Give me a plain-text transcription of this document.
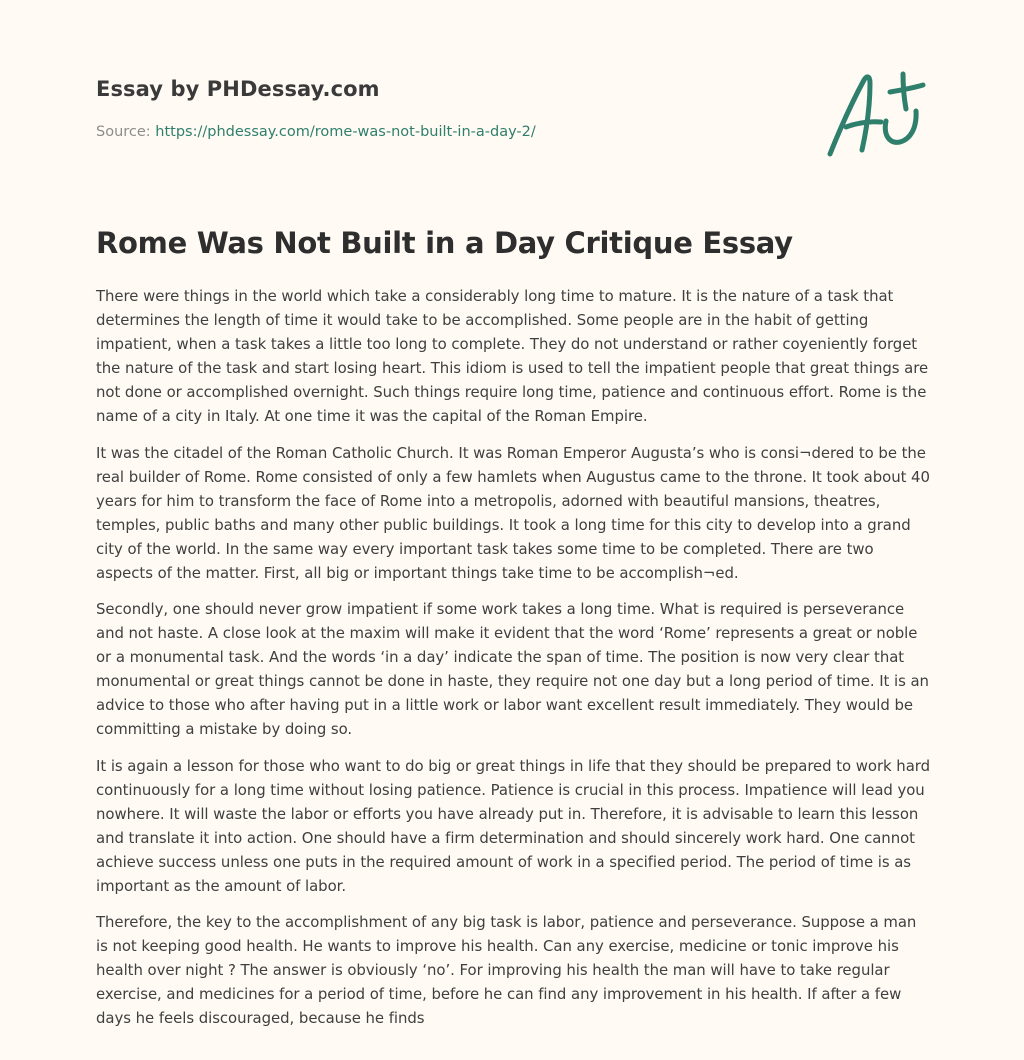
Essay by PHDessay.com

Source: https://phdessay.com/rome-was-not-built-in-a-day-2/

Rome Was Not Built in a Day Critique Essay

There were things in the world which take a considerably long time to mature. It is the nature of a task that determines the length of time it would take to be accomplished. Some people are in the habit of getting impatient, when a task takes a little too long to complete. They do not understand or rather coyeniently forget the nature of the task and start losing heart. This idiom is used to tell the impatient people that great things are not done or accomplished overnight. Such things require long time, patience and continuous effort. Rome is the name of a city in Italy. At one time it was the capital of the Roman Empire.

It was the citadel of the Roman Catholic Church. It was Roman Emperor Augusta’s who is consi¬dered to be the real builder of Rome. Rome consisted of only a few hamlets when Augustus came to the throne. It took about 40 years for him to transform the face of Rome into a metropolis, adorned with beautiful mansions, theatres, temples, public baths and many other public buildings. It took a long time for this city to develop into a grand city of the world. In the same way every important task takes some time to be completed. There are two aspects of the matter. First, all big or important things take time to be accomplish¬ed.

Secondly, one should never grow impatient if some work takes a long time. What is required is perseverance and not haste. A close look at the maxim will make it evident that the word ‘Rome’ represents a great or noble or a monumental task. And the words ‘in a day’ indicate the span of time. The position is now very clear that monumental or great things cannot be done in haste, they require not one day but a long period of time. It is an advice to those who after having put in a little work or labor want excellent result immediately. They would be committing a mistake by doing so.

It is again a lesson for those who want to do big or great things in life that they should be prepared to work hard continuously for a long time without losing patience. Patience is crucial in this process. Impatience will lead you nowhere. It will waste the labor or efforts you have already put in. Therefore, it is advisable to learn this lesson and translate it into action. One should have a firm determination and should sincerely work hard. One cannot achieve success unless one puts in the required amount of work in a specified period. The period of time is as important as the amount of labor.

Therefore, the key to the accomplishment of any big task is labor, patience and perseverance. Suppose a man is not keeping good health. He wants to improve his health. Can any exercise, medicine or tonic improve his health over night ? The answer is obviously ‘no’. For improving his health the man will have to take regular exercise, and medicines for a period of time, before he can find any improvement in his health. If after a few days he feels discouraged, because he finds
